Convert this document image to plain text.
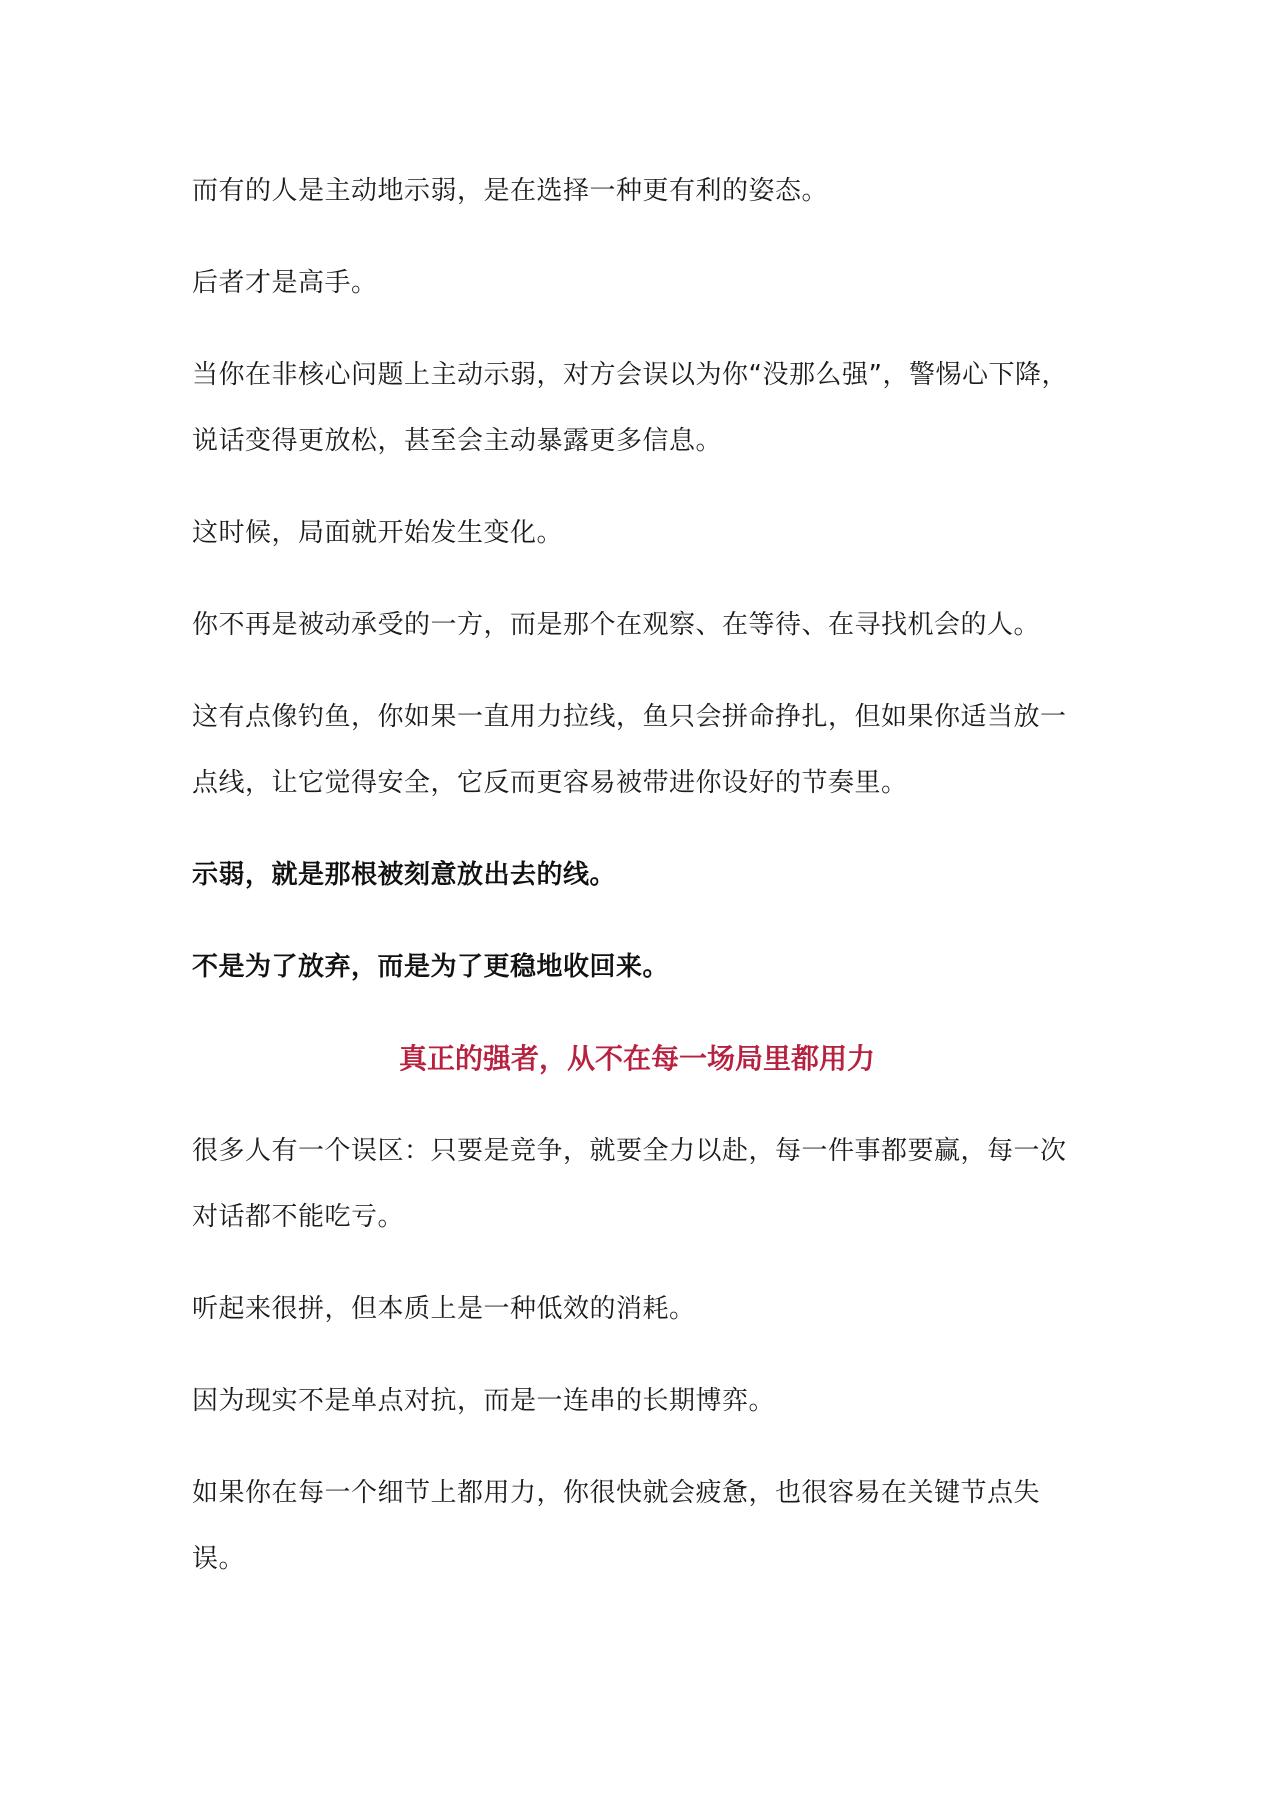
而有的人是主动地示弱，是在选择一种更有利的姿态。

后者才是高手。

当你在非核心问题上主动示弱，对方会误以为你“没那么强”，警惕心下降，说话变得更放松，甚至会主动暴露更多信息。

这时候，局面就开始发生变化。

你不再是被动承受的一方，而是那个在观察、在等待、在寻找机会的人。

这有点像钓鱼，你如果一直用力拉线，鱼只会拼命挣扎，但如果你适当放一点线，让它觉得安全，它反而更容易被带进你设好的节奏里。

示弱，就是那根被刻意放出去的线。

不是为了放弃，而是为了更稳地收回来。

真正的强者，从不在每一场局里都用力

很多人有一个误区：只要是竞争，就要全力以赴，每一件事都要赢，每一次对话都不能吃亏。

听起来很拼，但本质上是一种低效的消耗。

因为现实不是单点对抗，而是一连串的长期博弈。

如果你在每一个细节上都用力，你很快就会疲惫，也很容易在关键节点失误。
